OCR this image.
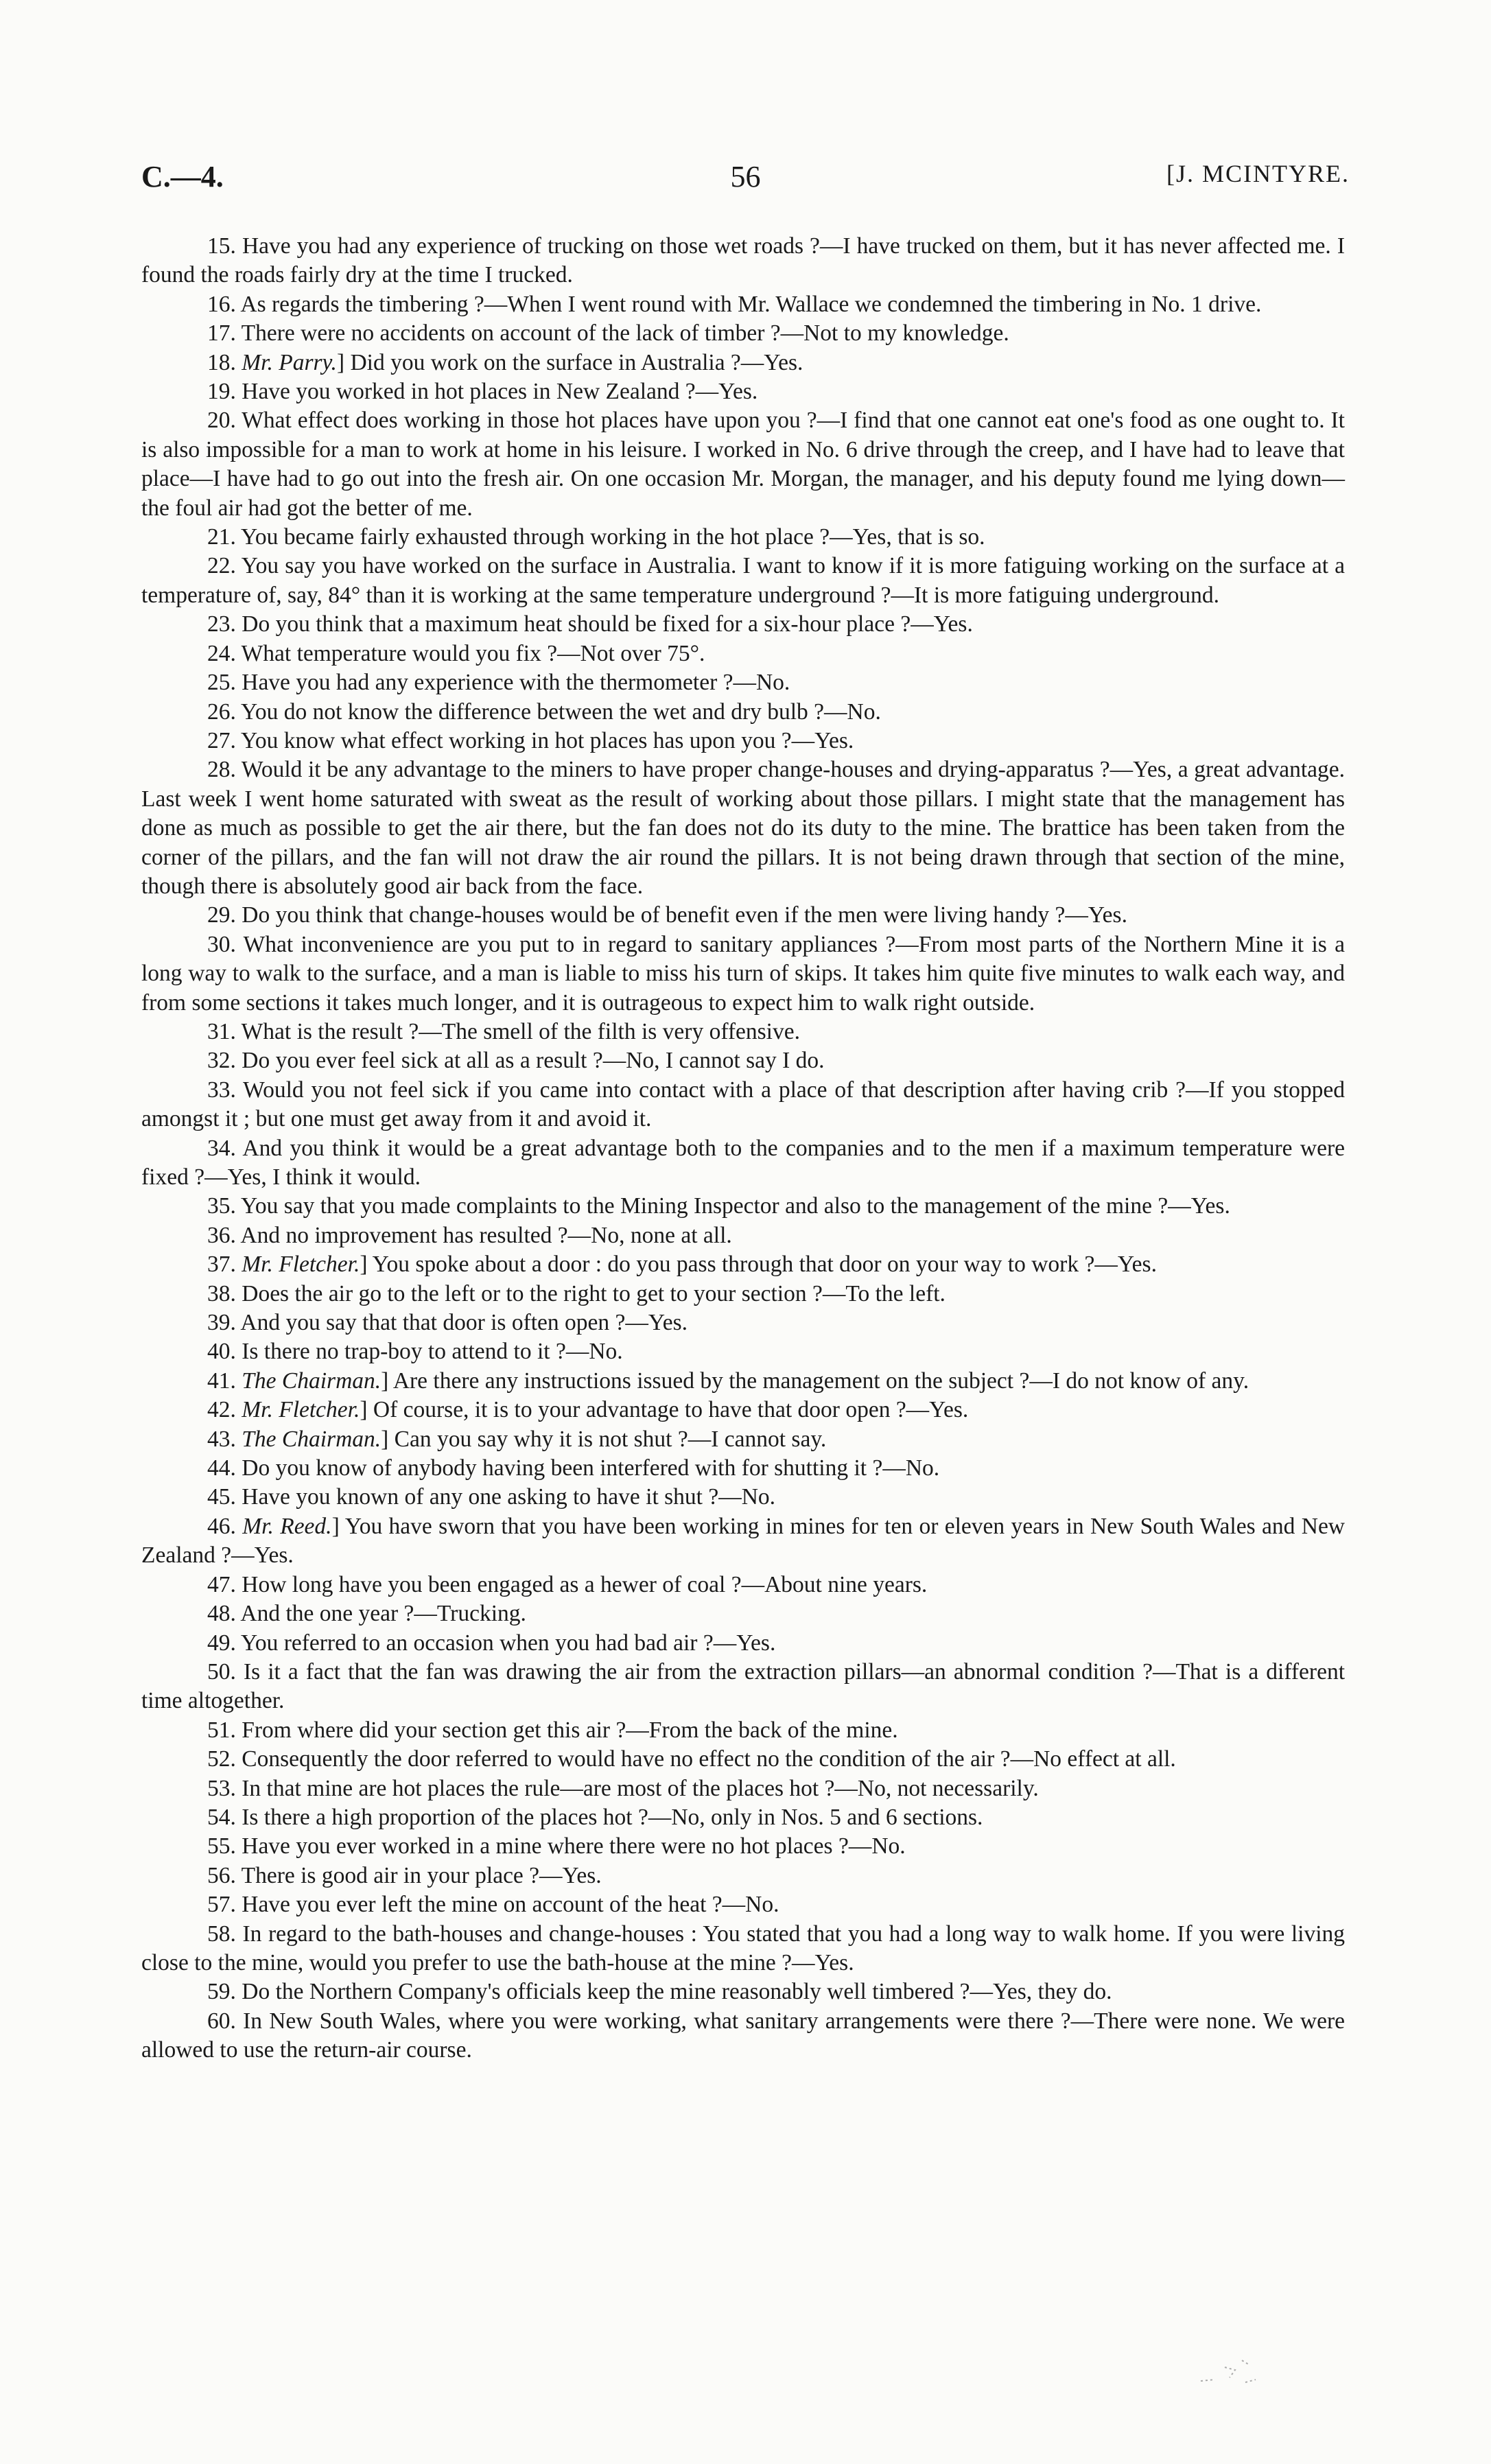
C.—4.	56	[J. MCINTYRE.

15. Have you had any experience of trucking on those wet roads ?—I have trucked on them, but it has never affected me. I found the roads fairly dry at the time I trucked.

16. As regards the timbering ?—When I went round with Mr. Wallace we condemned the timbering in No. 1 drive.

17. There were no accidents on account of the lack of timber ?—Not to my knowledge.

18. Mr. Parry.] Did you work on the surface in Australia ?—Yes.

19. Have you worked in hot places in New Zealand ?—Yes.

20. What effect does working in those hot places have upon you ?—I find that one cannot eat one's food as one ought to. It is also impossible for a man to work at home in his leisure. I worked in No. 6 drive through the creep, and I have had to leave that place—I have had to go out into the fresh air. On one occasion Mr. Morgan, the manager, and his deputy found me lying down—the foul air had got the better of me.

21. You became fairly exhausted through working in the hot place ?—Yes, that is so.

22. You say you have worked on the surface in Australia. I want to know if it is more fatiguing working on the surface at a temperature of, say, 84° than it is working at the same temperature underground ?—It is more fatiguing underground.

23. Do you think that a maximum heat should be fixed for a six-hour place ?—Yes.

24. What temperature would you fix ?—Not over 75°.

25. Have you had any experience with the thermometer ?—No.

26. You do not know the difference between the wet and dry bulb ?—No.

27. You know what effect working in hot places has upon you ?—Yes.

28. Would it be any advantage to the miners to have proper change-houses and drying-apparatus ?—Yes, a great advantage. Last week I went home saturated with sweat as the result of working about those pillars. I might state that the management has done as much as possible to get the air there, but the fan does not do its duty to the mine. The brattice has been taken from the corner of the pillars, and the fan will not draw the air round the pillars. It is not being drawn through that section of the mine, though there is absolutely good air back from the face.

29. Do you think that change-houses would be of benefit even if the men were living handy ?—Yes.

30. What inconvenience are you put to in regard to sanitary appliances ?—From most parts of the Northern Mine it is a long way to walk to the surface, and a man is liable to miss his turn of skips. It takes him quite five minutes to walk each way, and from some sections it takes much longer, and it is outrageous to expect him to walk right outside.

31. What is the result ?—The smell of the filth is very offensive.

32. Do you ever feel sick at all as a result ?—No, I cannot say I do.

33. Would you not feel sick if you came into contact with a place of that description after having crib ?—If you stopped amongst it ; but one must get away from it and avoid it.

34. And you think it would be a great advantage both to the companies and to the men if a maximum temperature were fixed ?—Yes, I think it would.

35. You say that you made complaints to the Mining Inspector and also to the management of the mine ?—Yes.

36. And no improvement has resulted ?—No, none at all.

37. Mr. Fletcher.] You spoke about a door : do you pass through that door on your way to work ?—Yes.

38. Does the air go to the left or to the right to get to your section ?—To the left.

39. And you say that that door is often open ?—Yes.

40. Is there no trap-boy to attend to it ?—No.

41. The Chairman.] Are there any instructions issued by the management on the subject ?—I do not know of any.

42. Mr. Fletcher.] Of course, it is to your advantage to have that door open ?—Yes.

43. The Chairman.] Can you say why it is not shut ?—I cannot say.

44. Do you know of anybody having been interfered with for shutting it ?—No.

45. Have you known of any one asking to have it shut ?—No.

46. Mr. Reed.] You have sworn that you have been working in mines for ten or eleven years in New South Wales and New Zealand ?—Yes.

47. How long have you been engaged as a hewer of coal ?—About nine years.

48. And the one year ?—Trucking.

49. You referred to an occasion when you had bad air ?—Yes.

50. Is it a fact that the fan was drawing the air from the extraction pillars—an abnormal condition ?—That is a different time altogether.

51. From where did your section get this air ?—From the back of the mine.

52. Consequently the door referred to would have no effect no the condition of the air ?—No effect at all.

53. In that mine are hot places the rule—are most of the places hot ?—No, not necessarily.

54. Is there a high proportion of the places hot ?—No, only in Nos. 5 and 6 sections.

55. Have you ever worked in a mine where there were no hot places ?—No.

56. There is good air in your place ?—Yes.

57. Have you ever left the mine on account of the heat ?—No.

58. In regard to the bath-houses and change-houses : You stated that you had a long way to walk home. If you were living close to the mine, would you prefer to use the bath-house at the mine ?—Yes.

59. Do the Northern Company's officials keep the mine reasonably well timbered ?—Yes, they do.

60. In New South Wales, where you were working, what sanitary arrangements were there ?—There were none. We were allowed to use the return-air course.
